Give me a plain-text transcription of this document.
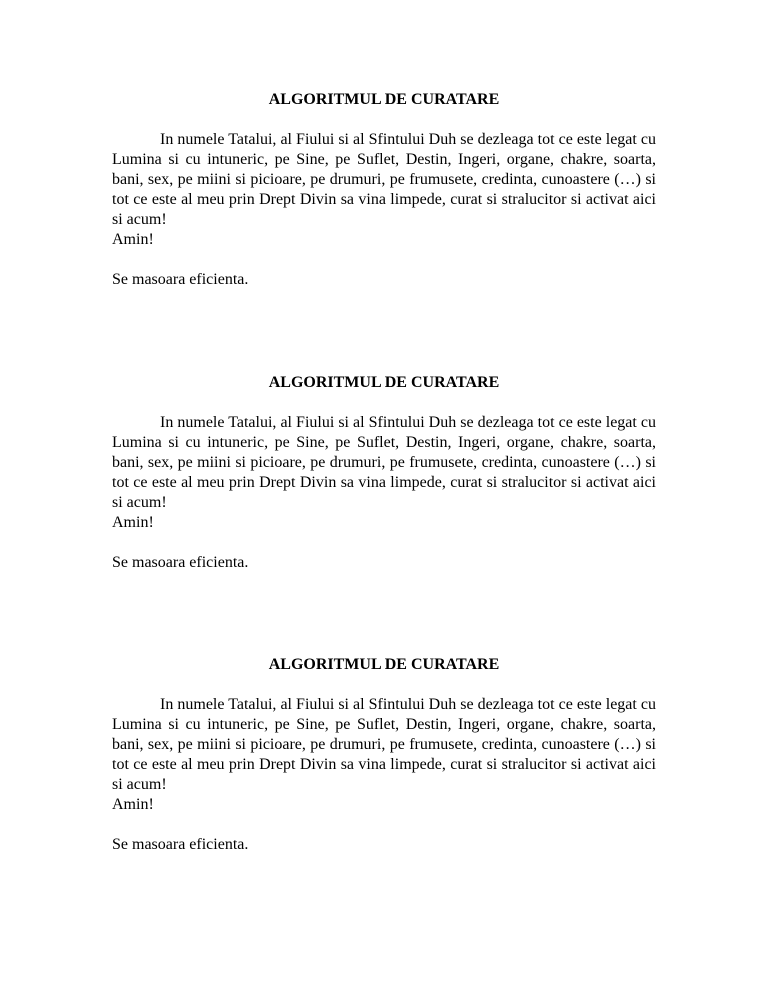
ALGORITMUL DE CURATARE

In numele Tatalui, al Fiului si al Sfintului Duh se dezleaga tot ce este legat cu Lumina si cu intuneric, pe Sine, pe Suflet, Destin, Ingeri, organe, chakre, soarta, bani, sex, pe miini si picioare, pe drumuri, pe frumusete, credinta, cunoastere (…) si tot ce este al meu prin Drept Divin sa vina limpede, curat si stralucitor si activat aici si acum!

Amin!
Se masoara eficienta.
ALGORITMUL DE CURATARE

In numele Tatalui, al Fiului si al Sfintului Duh se dezleaga tot ce este legat cu Lumina si cu intuneric, pe Sine, pe Suflet, Destin, Ingeri, organe, chakre, soarta, bani, sex, pe miini si picioare, pe drumuri, pe frumusete, credinta, cunoastere (…) si tot ce este al meu prin Drept Divin sa vina limpede, curat si stralucitor si activat aici si acum!

Amin!
Se masoara eficienta.
ALGORITMUL DE CURATARE

In numele Tatalui, al Fiului si al Sfintului Duh se dezleaga tot ce este legat cu Lumina si cu intuneric, pe Sine, pe Suflet, Destin, Ingeri, organe, chakre, soarta, bani, sex, pe miini si picioare, pe drumuri, pe frumusete, credinta, cunoastere (…) si tot ce este al meu prin Drept Divin sa vina limpede, curat si stralucitor si activat aici si acum!

Amin!
Se masoara eficienta.
